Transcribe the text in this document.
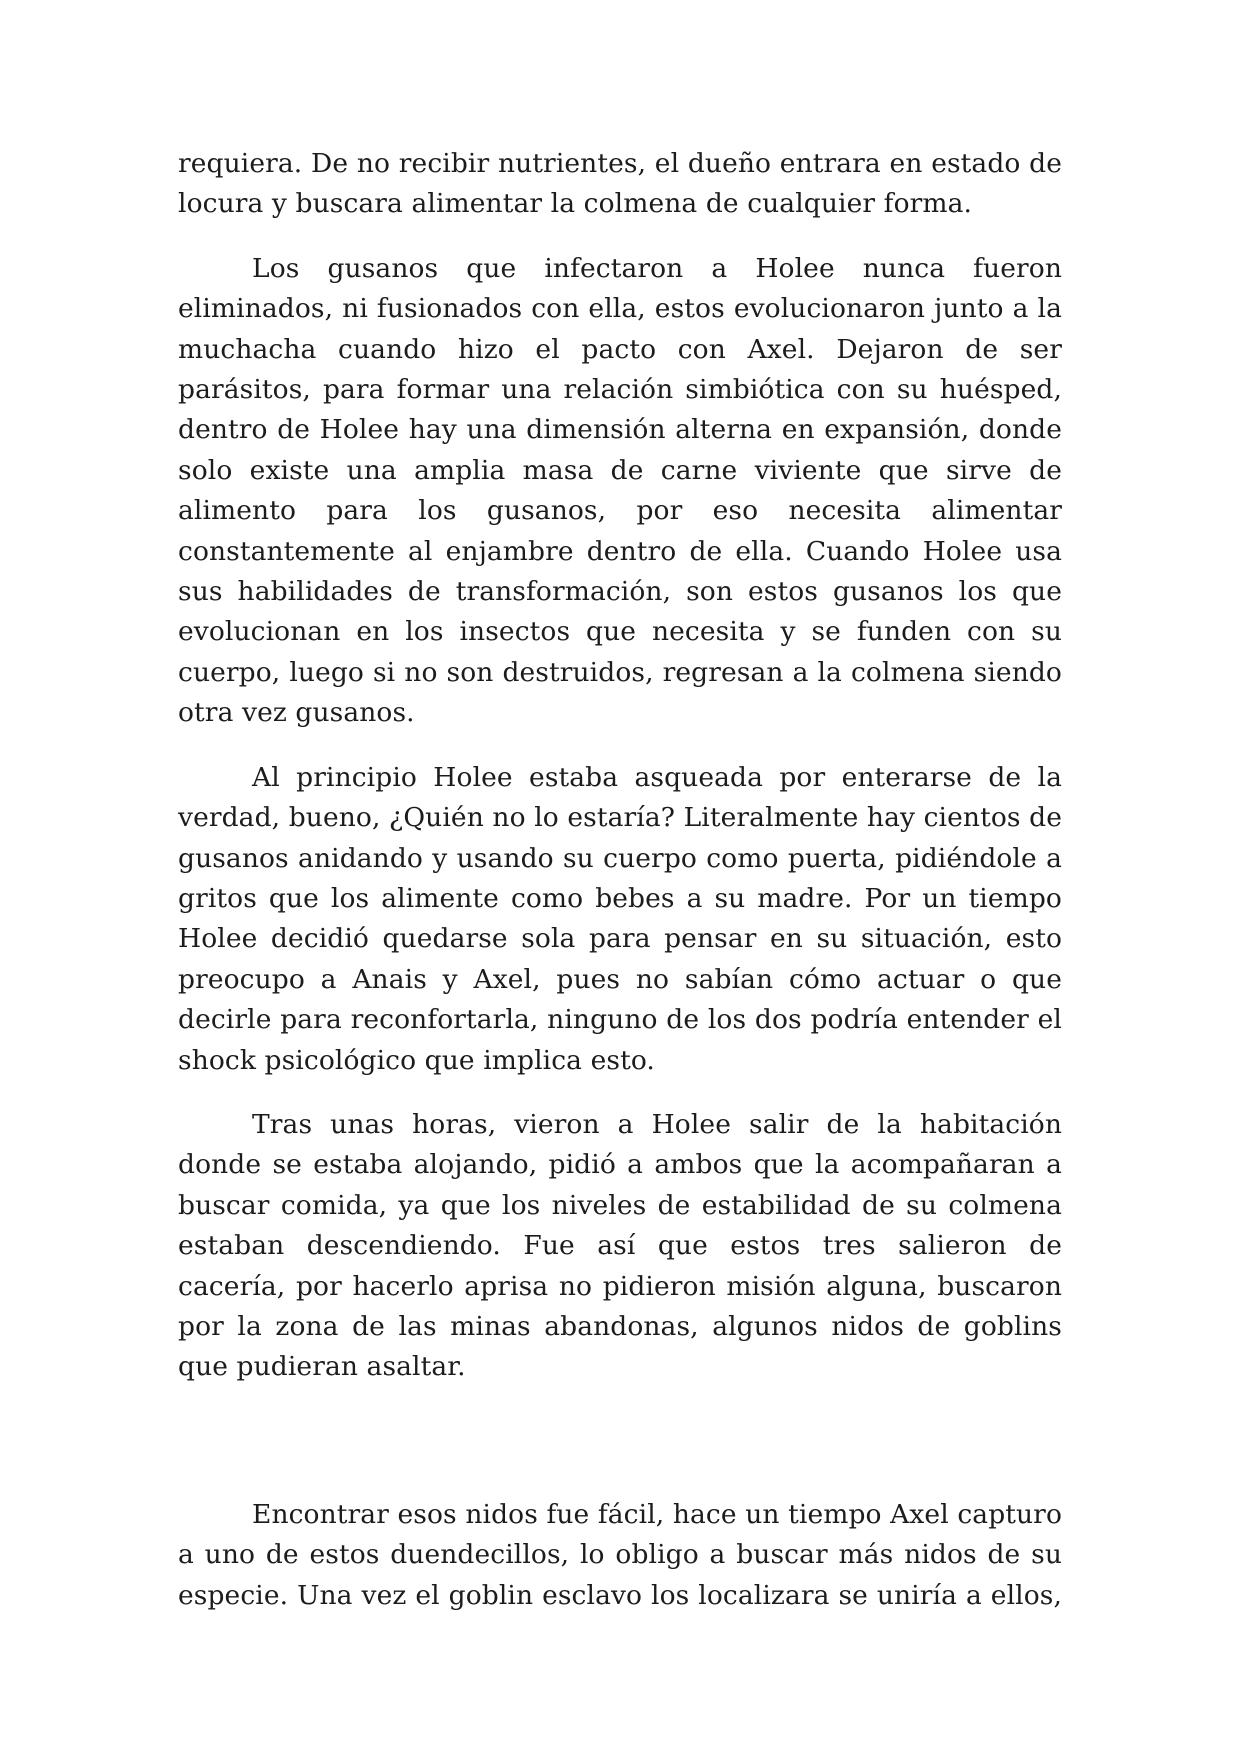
requiera. De no recibir nutrientes, el dueño entrara en estado de locura y buscara alimentar la colmena de cualquier forma.

Los gusanos que infectaron a Holee nunca fueron eliminados, ni fusionados con ella, estos evolucionaron junto a la muchacha cuando hizo el pacto con Axel. Dejaron de ser parásitos, para formar una relación simbiótica con su huésped, dentro de Holee hay una dimensión alterna en expansión, donde solo existe una amplia masa de carne viviente que sirve de alimento para los gusanos, por eso necesita alimentar constantemente al enjambre dentro de ella. Cuando Holee usa sus habilidades de transformación, son estos gusanos los que evolucionan en los insectos que necesita y se funden con su cuerpo, luego si no son destruidos, regresan a la colmena siendo otra vez gusanos.

Al principio Holee estaba asqueada por enterarse de la verdad, bueno, ¿Quién no lo estaría? Literalmente hay cientos de gusanos anidando y usando su cuerpo como puerta, pidiéndole a gritos que los alimente como bebes a su madre. Por un tiempo Holee decidió quedarse sola para pensar en su situación, esto preocupo a Anais y Axel, pues no sabían cómo actuar o que decirle para reconfortarla, ninguno de los dos podría entender el shock psicológico que implica esto.

Tras unas horas, vieron a Holee salir de la habitación donde se estaba alojando, pidió a ambos que la acompañaran a buscar comida, ya que los niveles de estabilidad de su colmena estaban descendiendo. Fue así que estos tres salieron de cacería, por hacerlo aprisa no pidieron misión alguna, buscaron por la zona de las minas abandonas, algunos nidos de goblins que pudieran asaltar.

Encontrar esos nidos fue fácil, hace un tiempo Axel capturo a uno de estos duendecillos, lo obligo a buscar más nidos de su especie. Una vez el goblin esclavo los localizara se uniría a ellos,
